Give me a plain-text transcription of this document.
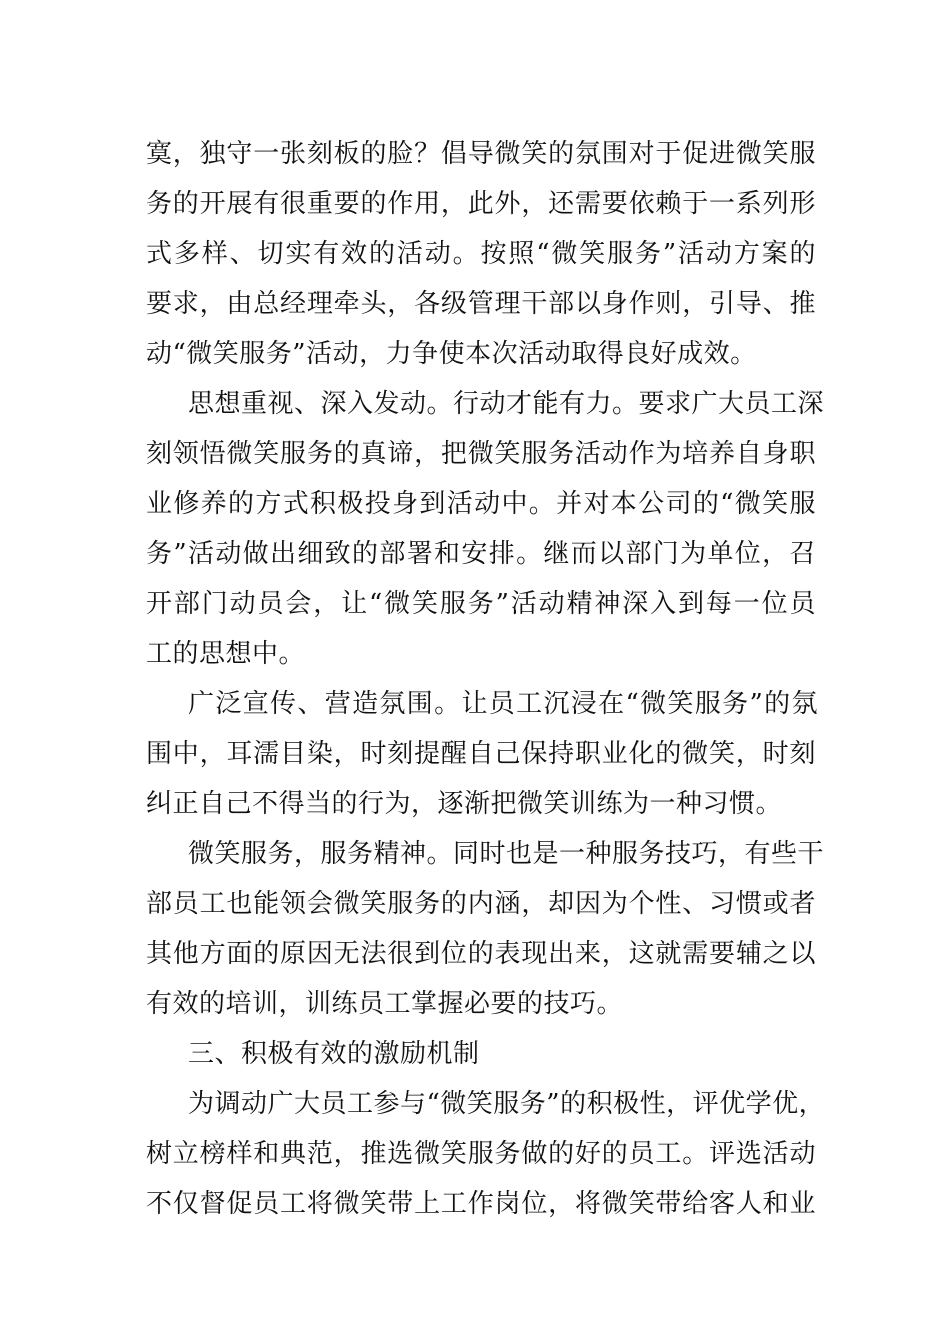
寞，独守一张刻板的脸？倡导微笑的氛围对于促进微笑服
务的开展有很重要的作用，此外，还需要依赖于一系列形
式多样、切实有效的活动。按照“微笑服务”活动方案的
要求，由总经理牵头，各级管理干部以身作则，引导、推
动“微笑服务”活动，力争使本次活动取得良好成效。
思想重视、深入发动。行动才能有力。要求广大员工深
刻领悟微笑服务的真谛，把微笑服务活动作为培养自身职
业修养的方式积极投身到活动中。并对本公司的“微笑服
务”活动做出细致的部署和安排。继而以部门为单位，召
开部门动员会，让“微笑服务”活动精神深入到每一位员
工的思想中。
广泛宣传、营造氛围。让员工沉浸在“微笑服务”的氛
围中，耳濡目染，时刻提醒自己保持职业化的微笑，时刻
纠正自己不得当的行为，逐渐把微笑训练为一种习惯。
微笑服务，服务精神。同时也是一种服务技巧，有些干
部员工也能领会微笑服务的内涵，却因为个性、习惯或者
其他方面的原因无法很到位的表现出来，这就需要辅之以
有效的培训，训练员工掌握必要的技巧。
三、积极有效的激励机制
为调动广大员工参与“微笑服务”的积极性，评优学优，
树立榜样和典范，推选微笑服务做的好的员工。评选活动
不仅督促员工将微笑带上工作岗位，将微笑带给客人和业
